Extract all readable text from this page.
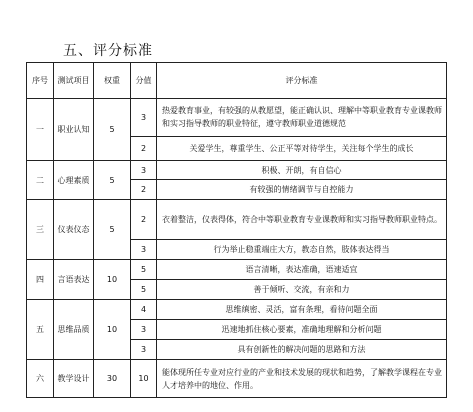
五、评分标准
序号	测试项目	权重	分值	评分标准
一	职业认知	5	3	热爱教育事业，有较强的从教愿望，能正确认识、理解中等职业教育专业课教师和实习指导教师的职业特征，遵守教师职业道德规范
			2	关爱学生，尊重学生、公正平等对待学生，关注每个学生的成长
二	心理素质	5	3	积极、开朗，有自信心
			2	有较强的情绪调节与自控能力
三	仪表仪态	5	2	衣着整洁，仪表得体，符合中等职业教育专业课教师和实习指导教师职业特点。
			3	行为举止稳重端庄大方，教态自然，肢体表达得当
四	言语表达	10	5	语言清晰，表达准确，语速适宜
			5	善于倾听、交流，有亲和力
五	思维品质	10	4	思维缜密、灵活，富有条理，看待问题全面
			3	迅速地抓住核心要素，准确地理解和分析问题
			3	具有创新性的解决问题的思路和方法
六	教学设计	30	10	能体现所任专业对应行业的产业和技术发展的现状和趋势，了解教学课程在专业人才培养中的地位、作用。
